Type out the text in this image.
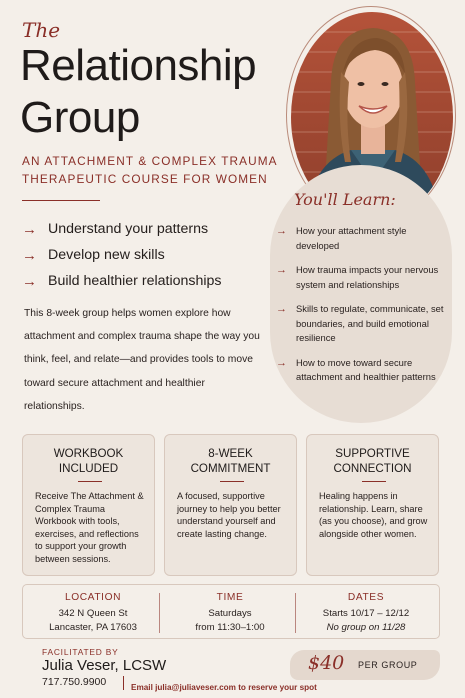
The
Relationship
Group
AN ATTACHMENT & COMPLEX TRAUMA THERAPEUTIC COURSE FOR WOMEN
→ Understand your patterns
→ Develop new skills
→ Build healthier relationships
This 8-week group helps women explore how attachment and complex trauma shape the way you think, feel, and relate—and provides tools to move toward secure attachment and healthier relationships.
You'll Learn:
→ How your attachment style developed
→ How trauma impacts your nervous system and relationships
→ Skills to regulate, communicate, set boundaries, and build emotional resilience
→ How to move toward secure attachment and healthier patterns
WORKBOOK
INCLUDED
Receive The Attachment & Complex Trauma Workbook with tools, exercises, and reflections to support your growth between sessions.
8-WEEK
COMMITMENT
A focused, supportive journey to help you better understand yourself and create lasting change.
SUPPORTIVE
CONNECTION
Healing happens in relationship. Learn, share (as you choose), and grow alongside other women.
LOCATION
342 N Queen St
Lancaster, PA 17603
TIME
Saturdays
from 11:30–1:00
DATES
Starts 10/17 – 12/12
No group on 11/28
FACILITATED BY
Julia Veser, LCSW
717.750.9900	Email julia@juliaveser.com to reserve your spot
$40 PER GROUP
